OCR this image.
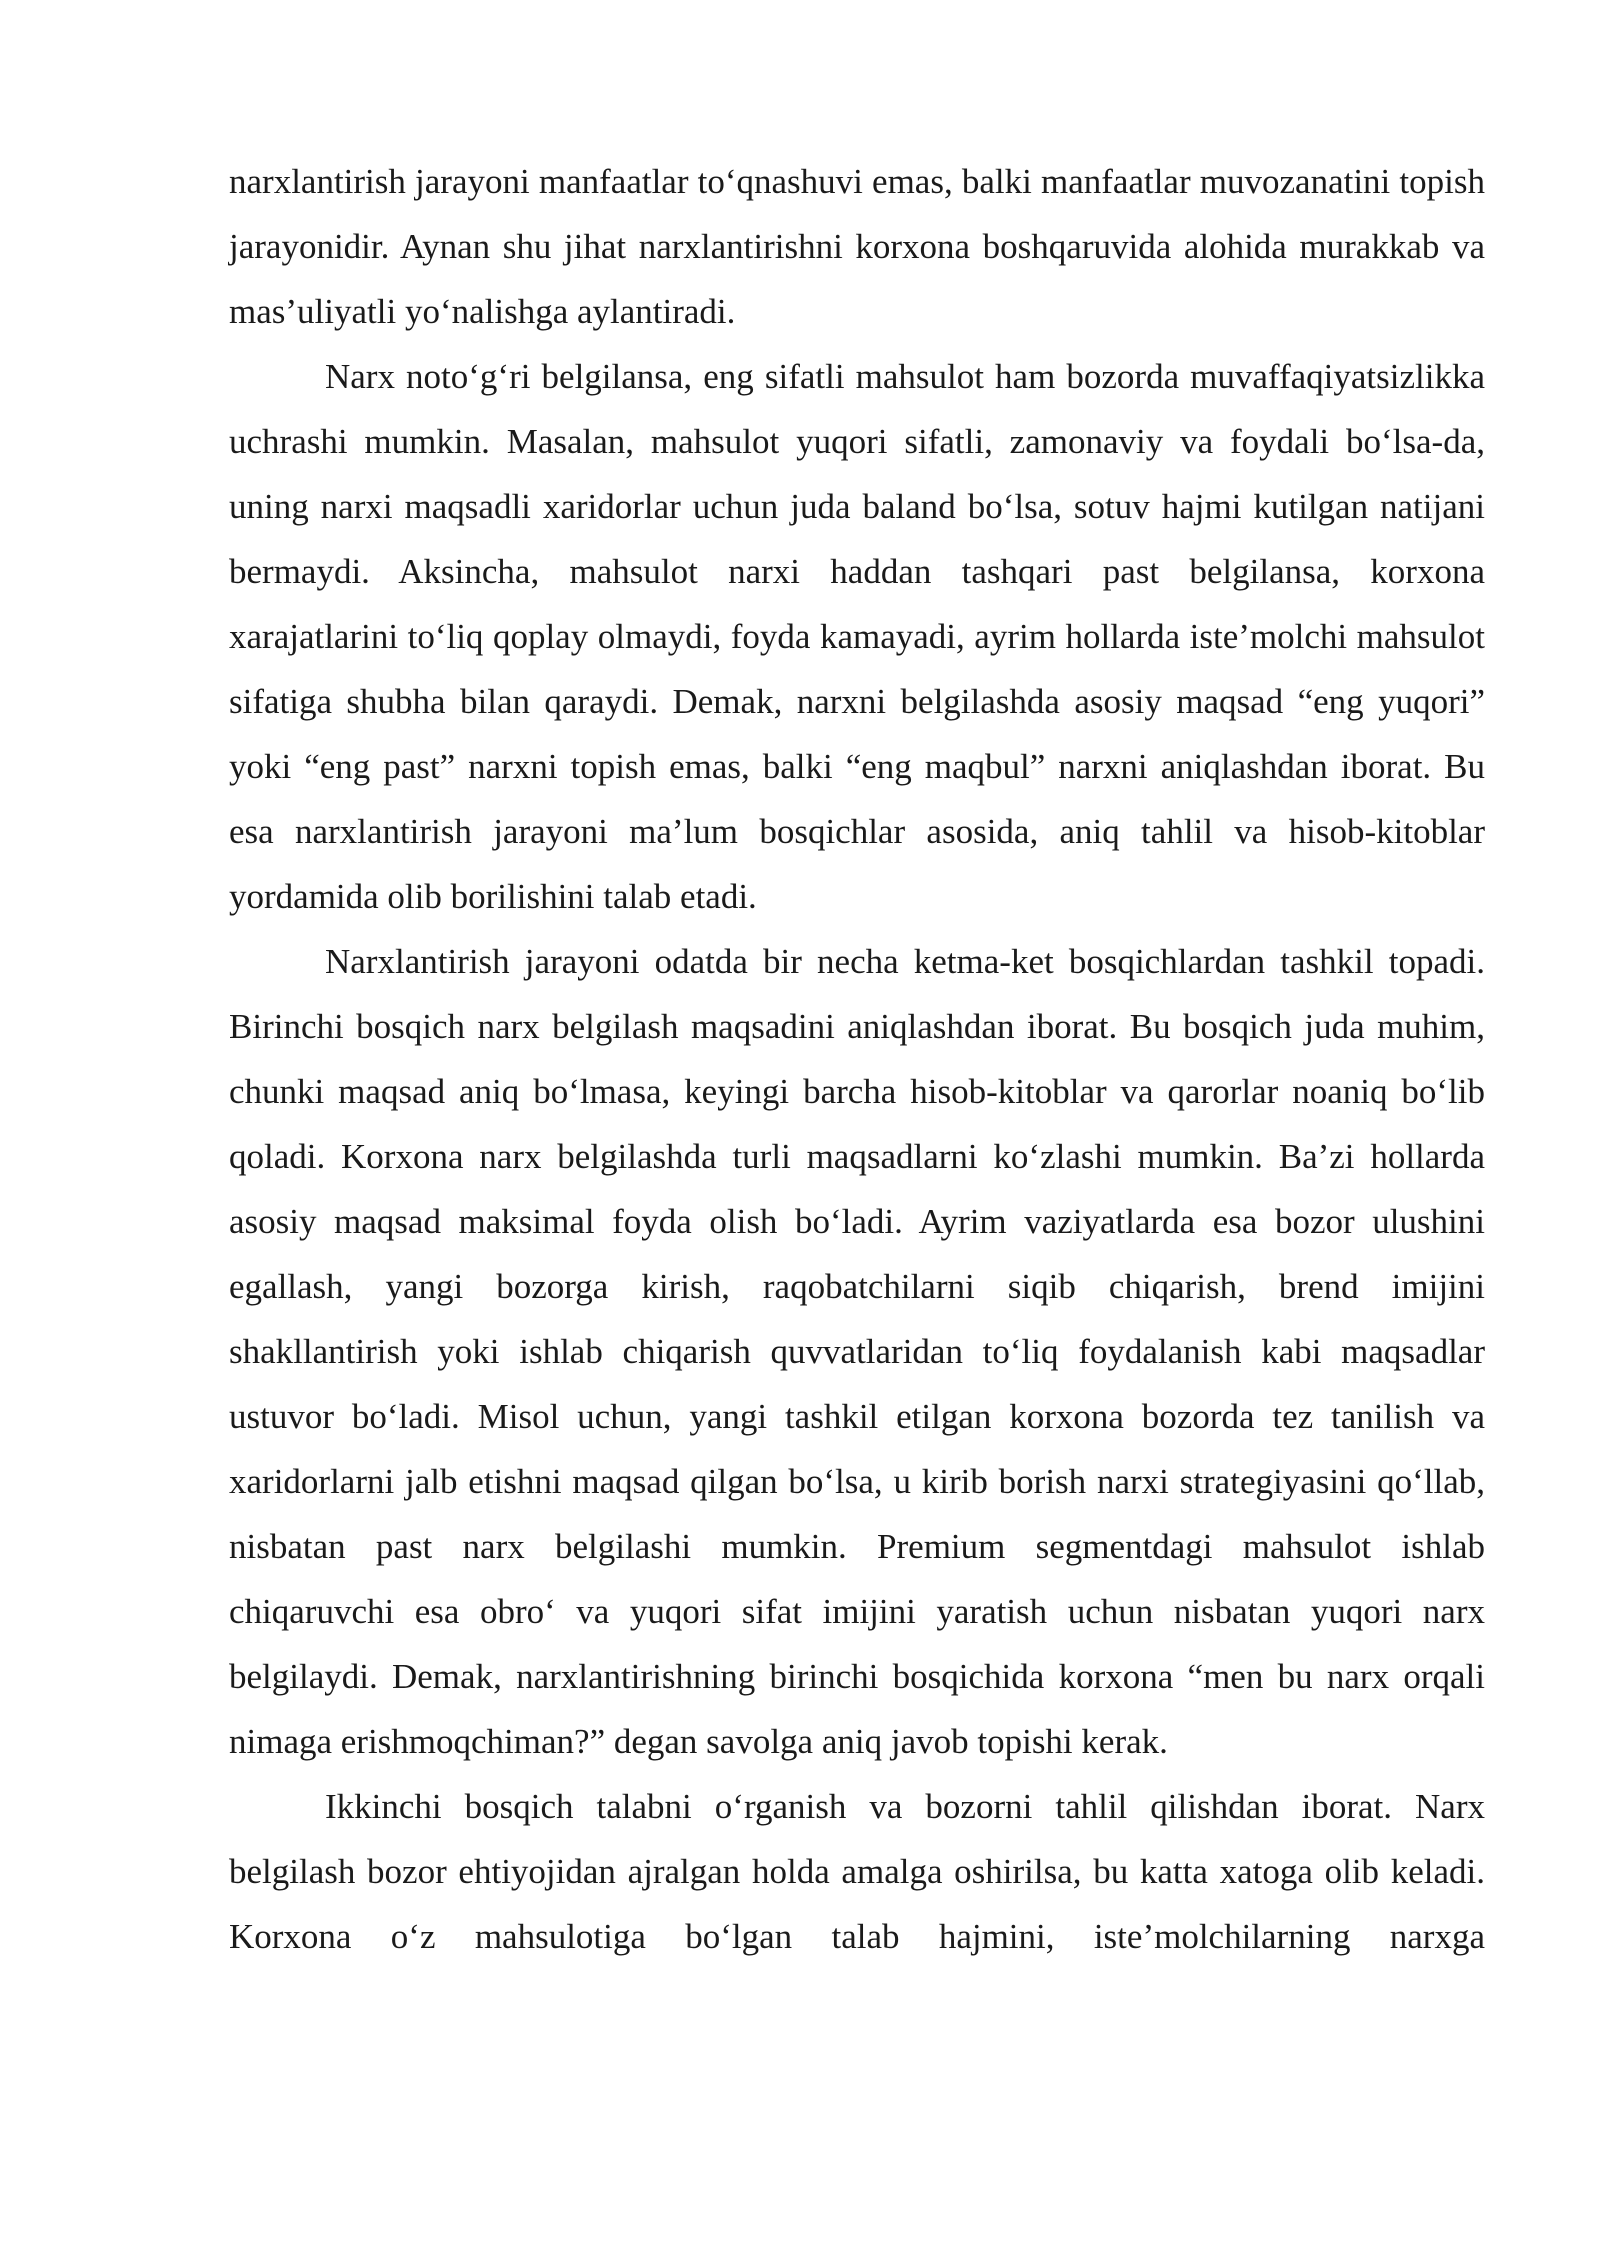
narxlantirish jarayoni manfaatlar to‘qnashuvi emas, balki manfaatlar muvozanatini topish jarayonidir. Aynan shu jihat narxlantirishni korxona boshqaruvida alohida murakkab va mas’uliyatli yo‘nalishga aylantiradi.

Narx noto‘g‘ri belgilansa, eng sifatli mahsulot ham bozorda muvaffaqiyatsizlikka uchrashi mumkin. Masalan, mahsulot yuqori sifatli, zamonaviy va foydali bo‘lsa-da, uning narxi maqsadli xaridorlar uchun juda baland bo‘lsa, sotuv hajmi kutilgan natijani bermaydi. Aksincha, mahsulot narxi haddan tashqari past belgilansa, korxona xarajatlarini to‘liq qoplay olmaydi, foyda kamayadi, ayrim hollarda iste’molchi mahsulot sifatiga shubha bilan qaraydi. Demak, narxni belgilashda asosiy maqsad “eng yuqori” yoki “eng past” narxni topish emas, balki “eng maqbul” narxni aniqlashdan iborat. Bu esa narxlantirish jarayoni ma’lum bosqichlar asosida, aniq tahlil va hisob-kitoblar yordamida olib borilishini talab etadi.

Narxlantirish jarayoni odatda bir necha ketma-ket bosqichlardan tashkil topadi. Birinchi bosqich narx belgilash maqsadini aniqlashdan iborat. Bu bosqich juda muhim, chunki maqsad aniq bo‘lmasa, keyingi barcha hisob-kitoblar va qarorlar noaniq bo‘lib qoladi. Korxona narx belgilashda turli maqsadlarni ko‘zlashi mumkin. Ba’zi hollarda asosiy maqsad maksimal foyda olish bo‘ladi. Ayrim vaziyatlarda esa bozor ulushini egallash, yangi bozorga kirish, raqobatchilarni siqib chiqarish, brend imijini shakllantirish yoki ishlab chiqarish quvvatlaridan to‘liq foydalanish kabi maqsadlar ustuvor bo‘ladi. Misol uchun, yangi tashkil etilgan korxona bozorda tez tanilish va xaridorlarni jalb etishni maqsad qilgan bo‘lsa, u kirib borish narxi strategiyasini qo‘llab, nisbatan past narx belgilashi mumkin. Premium segmentdagi mahsulot ishlab chiqaruvchi esa obro‘ va yuqori sifat imijini yaratish uchun nisbatan yuqori narx belgilaydi. Demak, narxlantirishning birinchi bosqichida korxona “men bu narx orqali nimaga erishmoqchiman?” degan savolga aniq javob topishi kerak.

Ikkinchi bosqich talabni o‘rganish va bozorni tahlil qilishdan iborat. Narx belgilash bozor ehtiyojidan ajralgan holda amalga oshirilsa, bu katta xatoga olib keladi. Korxona o‘z mahsulotiga bo‘lgan talab hajmini, iste’molchilarning narxga
